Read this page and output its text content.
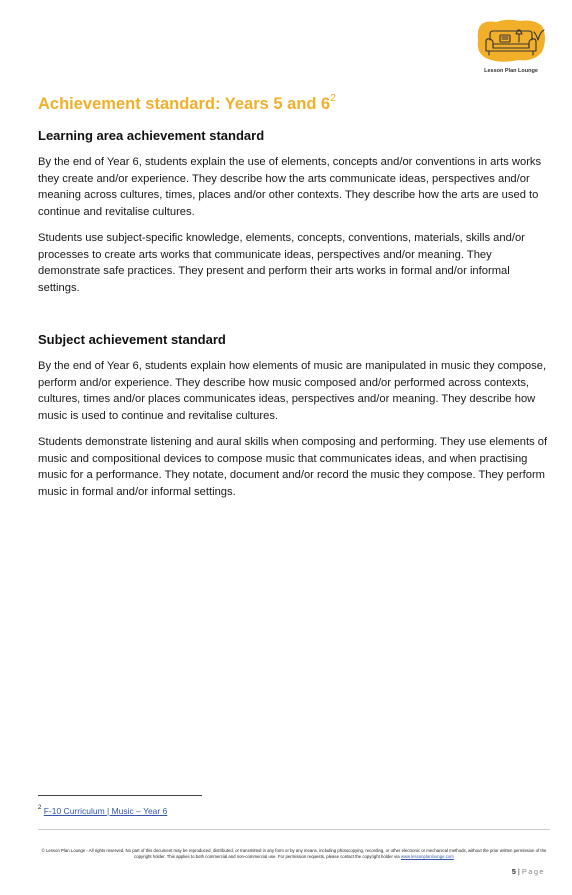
Lesson Plan Lounge
Achievement standard: Years 5 and $6^2$
Learning area achievement standard

By the end of Year 6, students explain the use of elements, concepts and/or conventions in arts works they create and/or experience. They describe how the arts communicate ideas, perspectives and/or meaning across cultures, times, places and/or other contexts. They describe how the arts are used to continue and revitalise cultures.

Students use subject-specific knowledge, elements, concepts, conventions, materials, skills and/or processes to create arts works that communicate ideas, perspectives and/or meaning. They demonstrate safe practices. They present and perform their arts works in formal and/or informal settings.

Subject achievement standard

By the end of Year 6, students explain how elements of music are manipulated in music they compose, perform and/or experience. They describe how music composed and/or performed across contexts, cultures, times and/or places communicates ideas, perspectives and/or meaning. They describe how music is used to continue and revitalise cultures.

Students demonstrate listening and aural skills when composing and performing. They use elements of music and compositional devices to compose music that communicates ideas, and when practising music for a performance. They notate, document and/or record the music they compose. They perform music in formal and/or informal settings.

$^2$ F-10 Curriculum | Music – Year 6
© Lesson Plan Lounge - All rights reserved. No part of this document may be reproduced, distributed, or transmitted in any form or by any means, including photocopying, recording, or other electronic or mechanical methods, without the prior written permission of the copyright holder. This applies to both commercial and non-commercial use. For permission requests, please contact the copyright holder via www.lessonplanlounge.com
5 | Page
